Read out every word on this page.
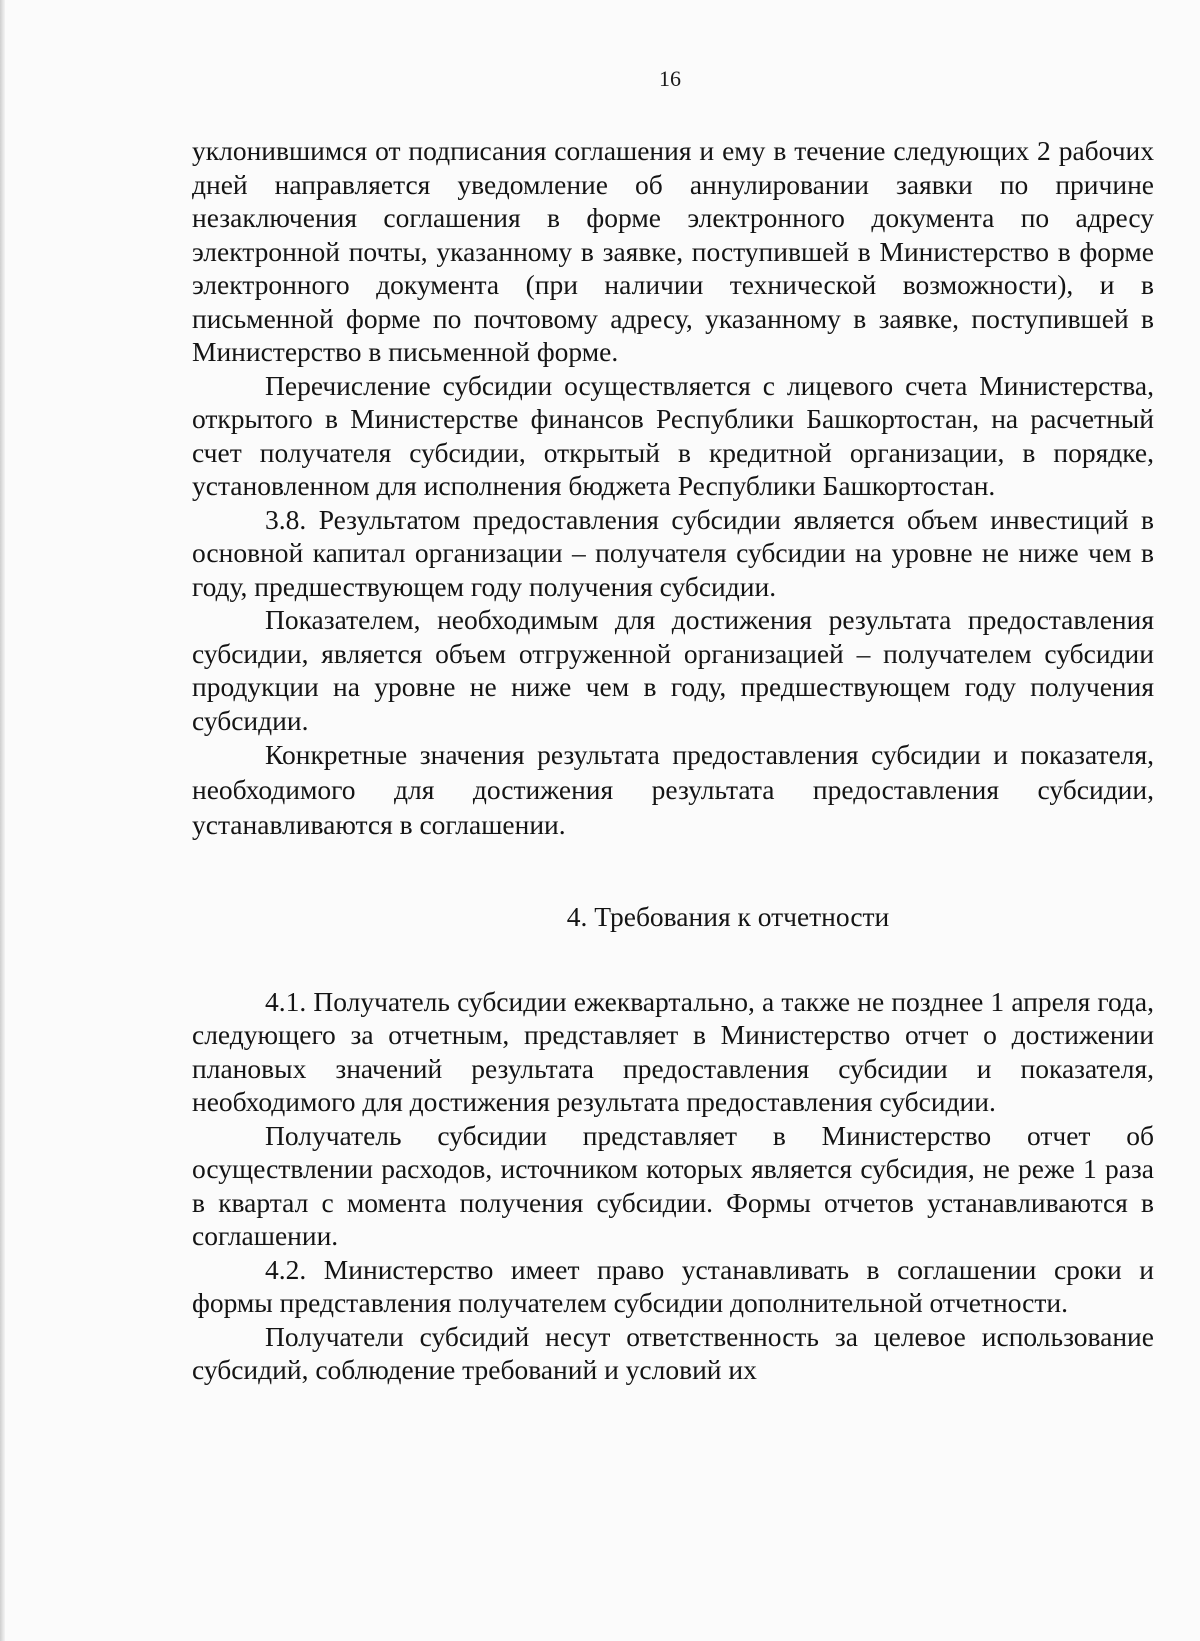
16

уклонившимся от подписания соглашения и ему в течение следующих 2 рабочих дней направляется уведомление об аннулировании заявки по причине незаключения соглашения в форме электронного документа по адресу электронной почты, указанному в заявке, поступившей в Министерство в форме электронного документа (при наличии технической возможности), и в письменной форме по почтовому адресу, указанному в заявке, поступившей в Министерство в письменной форме.

Перечисление субсидии осуществляется с лицевого счета Министерства, открытого в Министерстве финансов Республики Башкортостан, на расчетный счет получателя субсидии, открытый в кредитной организации, в порядке, установленном для исполнения бюджета Республики Башкортостан.

3.8. Результатом предоставления субсидии является объем инвестиций в основной капитал организации – получателя субсидии на уровне не ниже чем в году, предшествующем году получения субсидии.

Показателем, необходимым для достижения результата предоставления субсидии, является объем отгруженной организацией – получателем субсидии продукции на уровне не ниже чем в году, предшествующем году получения субсидии.

Конкретные значения результата предоставления субсидии и показателя, необходимого для достижения результата предоставления субсидии, устанавливаются в соглашении.

4. Требования к отчетности

4.1. Получатель субсидии ежеквартально, а также не позднее 1 апреля года, следующего за отчетным, представляет в Министерство отчет о достижении плановых значений результата предоставления субсидии и показателя, необходимого для достижения результата предоставления субсидии.

Получатель субсидии представляет в Министерство отчет об осуществлении расходов, источником которых является субсидия, не реже 1 раза в квартал с момента получения субсидии. Формы отчетов устанавливаются в соглашении.

4.2. Министерство имеет право устанавливать в соглашении сроки и формы представления получателем субсидии дополнительной отчетности.

Получатели субсидий несут ответственность за целевое использование субсидий, соблюдение требований и условий их
